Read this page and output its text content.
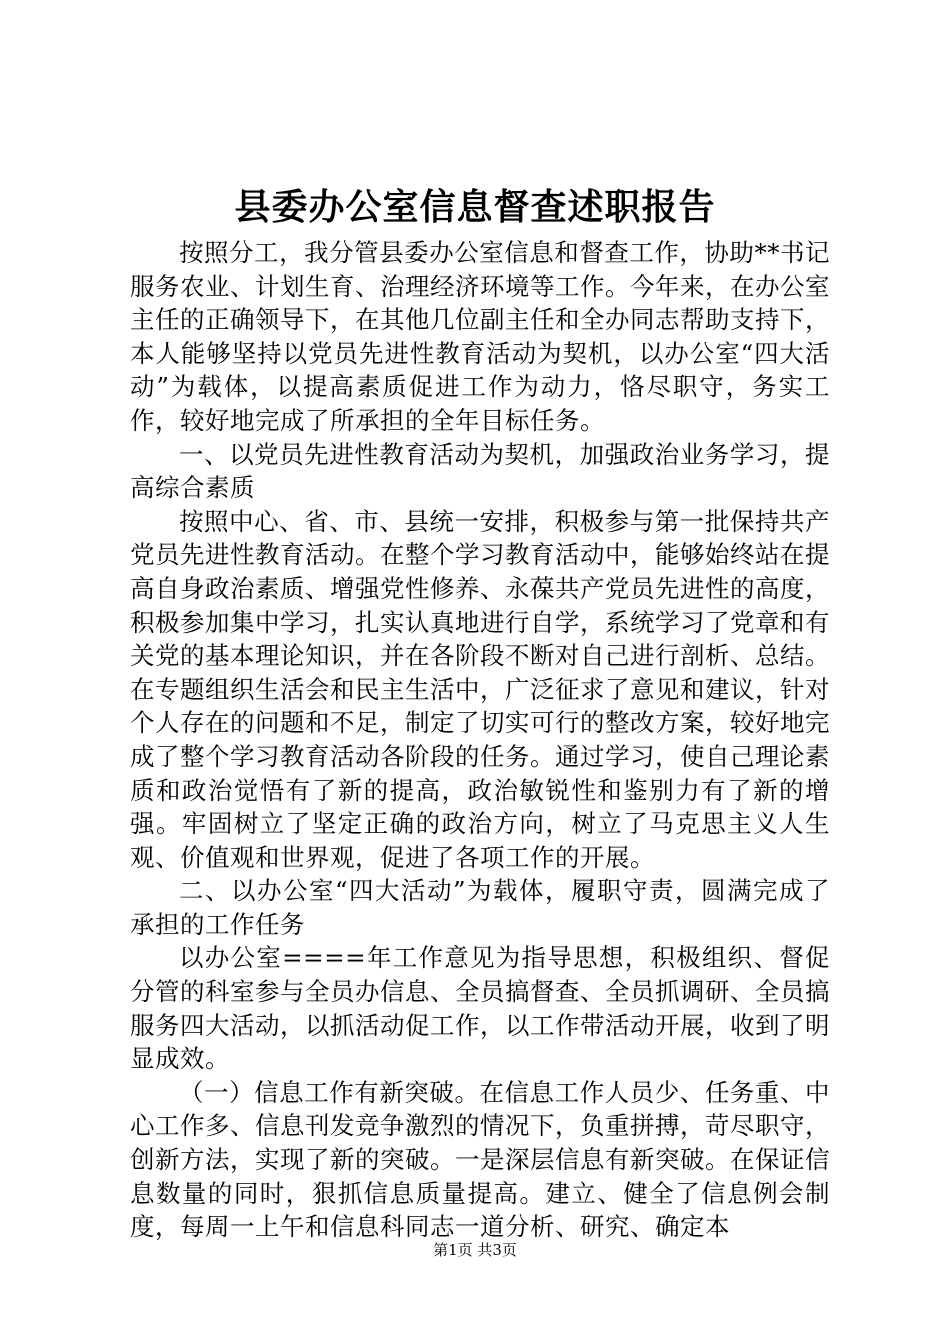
县委办公室信息督查述职报告

按照分工，我分管县委办公室信息和督查工作，协助**书记服务农业、计划生育、治理经济环境等工作。今年来，在办公室主任的正确领导下，在其他几位副主任和全办同志帮助支持下，本人能够坚持以党员先进性教育活动为契机，以办公室“四大活动”为载体，以提高素质促进工作为动力，恪尽职守，务实工作，较好地完成了所承担的全年目标任务。

一、以党员先进性教育活动为契机，加强政治业务学习，提高综合素质

按照中心、省、市、县统一安排，积极参与第一批保持共产党员先进性教育活动。在整个学习教育活动中，能够始终站在提高自身政治素质、增强党性修养、永葆共产党员先进性的高度，积极参加集中学习，扎实认真地进行自学，系统学习了党章和有关党的基本理论知识，并在各阶段不断对自己进行剖析、总结。在专题组织生活会和民主生活中，广泛征求了意见和建议，针对个人存在的问题和不足，制定了切实可行的整改方案，较好地完成了整个学习教育活动各阶段的任务。通过学习，使自己理论素质和政治觉悟有了新的提高，政治敏锐性和鉴别力有了新的增强。牢固树立了坚定正确的政治方向，树立了马克思主义人生观、价值观和世界观，促进了各项工作的开展。

二、以办公室“四大活动”为载体，履职守责，圆满完成了承担的工作任务

以办公室====年工作意见为指导思想，积极组织、督促分管的科室参与全员办信息、全员搞督查、全员抓调研、全员搞服务四大活动，以抓活动促工作，以工作带活动开展，收到了明显成效。

（一）信息工作有新突破。在信息工作人员少、任务重、中心工作多、信息刊发竞争激烈的情况下，负重拼搏，苛尽职守，创新方法，实现了新的突破。一是深层信息有新突破。在保证信息数量的同时，狠抓信息质量提高。建立、健全了信息例会制度，每周一上午和信息科同志一道分析、研究、确定本

第1页 共3页
